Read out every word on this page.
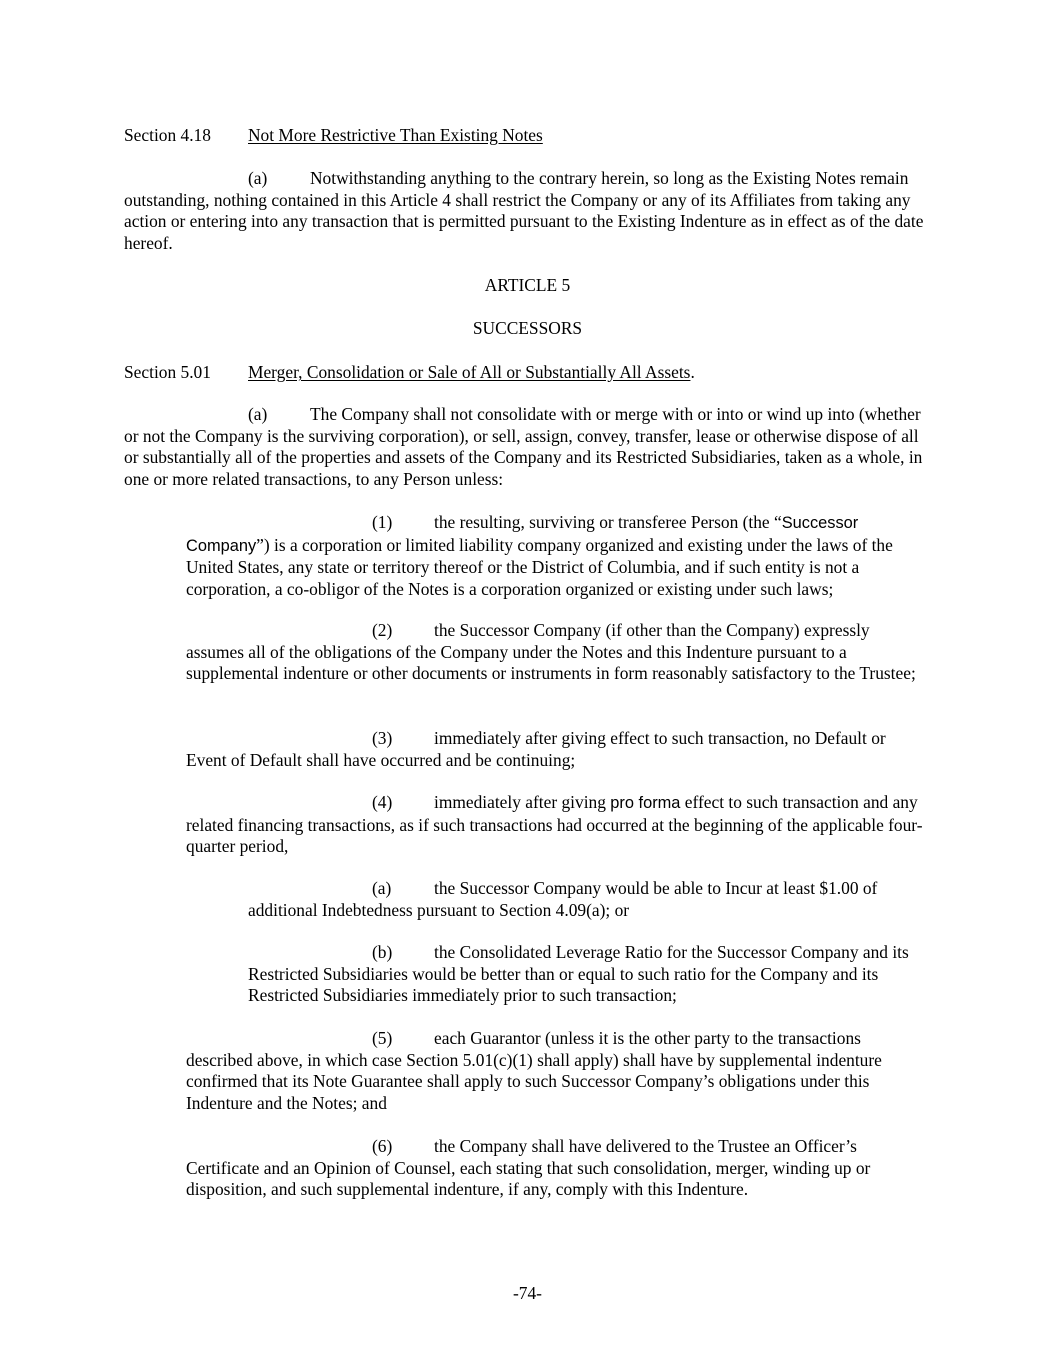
Section 4.18 Not More Restrictive Than Existing Notes

(a) Notwithstanding anything to the contrary herein, so long as the Existing Notes remain outstanding, nothing contained in this Article 4 shall restrict the Company or any of its Affiliates from taking any action or entering into any transaction that is permitted pursuant to the Existing Indenture as in effect as of the date hereof.

ARTICLE 5
SUCCESSORS
Section 5.01 Merger, Consolidation or Sale of All or Substantially All Assets.

(a) The Company shall not consolidate with or merge with or into or wind up into (whether or not the Company is the surviving corporation), or sell, assign, convey, transfer, lease or otherwise dispose of all or substantially all of the properties and assets of the Company and its Restricted Subsidiaries, taken as a whole, in one or more related transactions, to any Person unless:

(1) the resulting, surviving or transferee Person (the “Successor Company”) is a corporation or limited liability company organized and existing under the laws of the United States, any state or territory thereof or the District of Columbia, and if such entity is not a corporation, a co-obligor of the Notes is a corporation organized or existing under such laws;

(2) the Successor Company (if other than the Company) expressly assumes all of the obligations of the Company under the Notes and this Indenture pursuant to a supplemental indenture or other documents or instruments in form reasonably satisfactory to the Trustee;

(3) immediately after giving effect to such transaction, no Default or Event of Default shall have occurred and be continuing;

(4) immediately after giving pro forma effect to such transaction and any related financing transactions, as if such transactions had occurred at the beginning of the applicable four-quarter period,

(a) the Successor Company would be able to Incur at least $1.00 of additional Indebtedness pursuant to Section 4.09(a); or

(b) the Consolidated Leverage Ratio for the Successor Company and its Restricted Subsidiaries would be better than or equal to such ratio for the Company and its Restricted Subsidiaries immediately prior to such transaction;

(5) each Guarantor (unless it is the other party to the transactions described above, in which case Section 5.01(c)(1) shall apply) shall have by supplemental indenture confirmed that its Note Guarantee shall apply to such Successor Company’s obligations under this Indenture and the Notes; and

(6) the Company shall have delivered to the Trustee an Officer’s Certificate and an Opinion of Counsel, each stating that such consolidation, merger, winding up or disposition, and such supplemental indenture, if any, comply with this Indenture.

-74-
